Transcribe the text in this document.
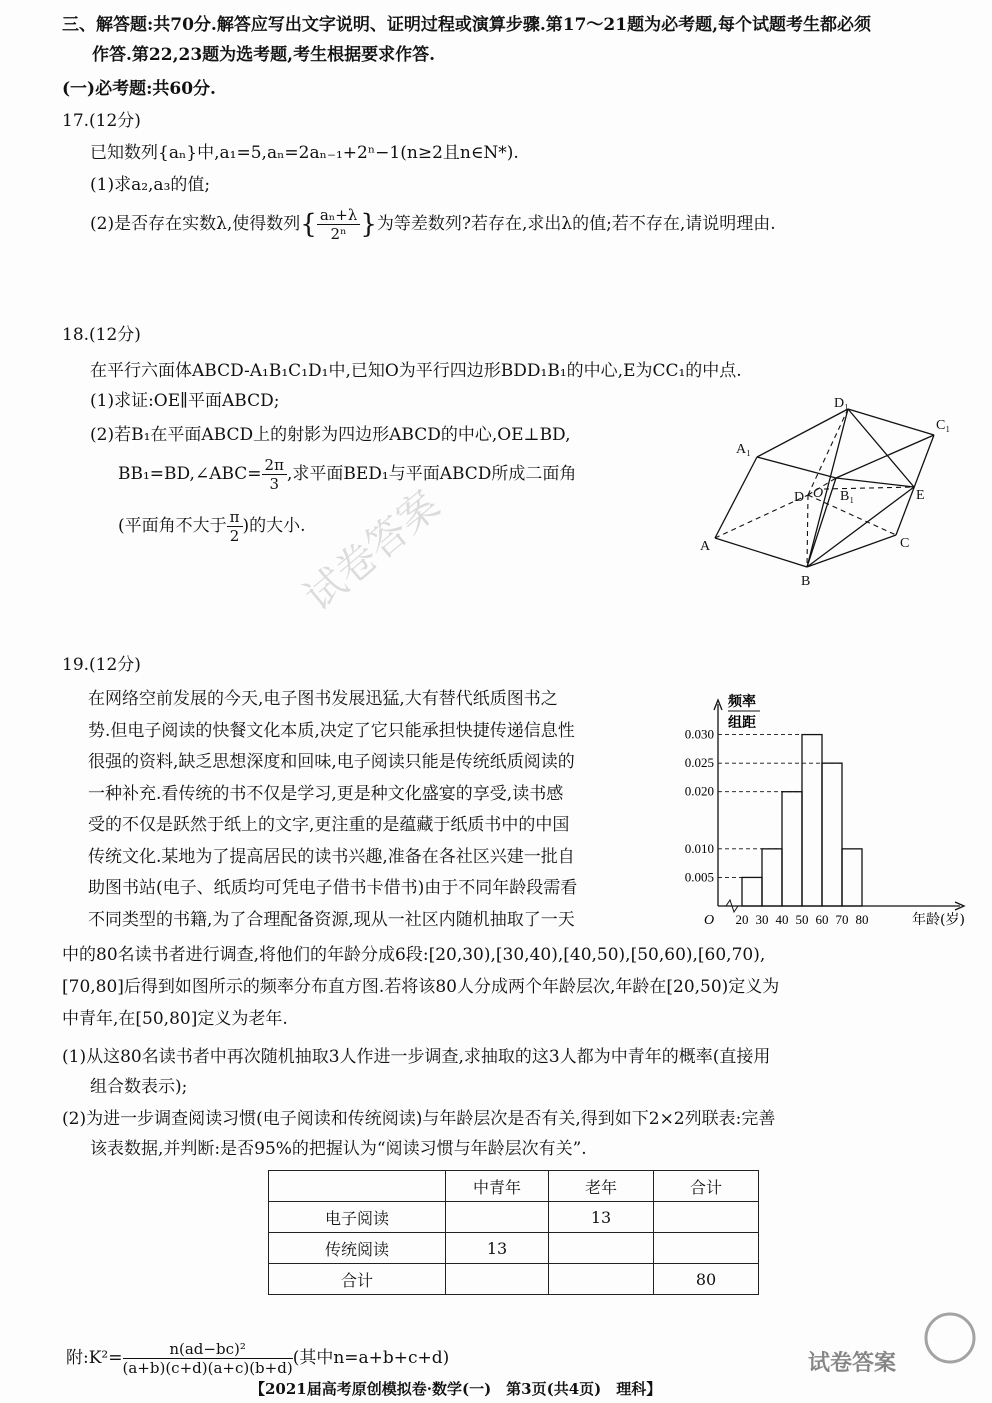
三、解答题:共70分.解答应写出文字说明、证明过程或演算步骤.第17～21题为必考题,每个试题考生都必须
作答.第22,23题为选考题,考生根据要求作答.
(一)必考题:共60分.
17.(12分)
已知数列{aₙ}中,a₁=5,aₙ=2aₙ₋₁+2ⁿ−1(n≥2且n∈N*).
(1)求a₂,a₃的值;
(2)是否存在实数λ,使得数列{ $\frac{\text{aₙ+λ}}{\text{2ⁿ}}$ }为等差数列?若存在,求出λ的值;若不存在,请说明理由.
18.(12分)
在平行六面体ABCD-A₁B₁C₁D₁中,已知O为平行四边形BDD₁B₁的中心,E为CC₁的中点.
(1)求证:OE∥平面ABCD;
(2)若B₁在平面ABCD上的射影为四边形ABCD的中心,OE⊥BD,
BB₁=BD,∠ABC= $\frac{2\pi}{3}$ ,求平面BED₁与平面ABCD所成二面角
(平面角不大于 $\frac{\pi}{2}$ )的大小.
D₁
A₁
B₁
C₁
D O	E
A	C
B
试卷答案
19.(12分)
在网络空前发展的今天,电子图书发展迅猛,大有替代纸质图书之
势.但电子阅读的快餐文化本质,决定了它只能承担快捷传递信息性
很强的资料,缺乏思想深度和回味,电子阅读只能是传统纸质阅读的
一种补充.看传统的书不仅是学习,更是种文化盛宴的享受,读书感
受的不仅是跃然于纸上的文字,更注重的是蕴藏于纸质书中的中国
传统文化.某地为了提高居民的读书兴趣,准备在各社区兴建一批自
助图书站(电子、纸质均可凭电子借书卡借书)由于不同年龄段需看
不同类型的书籍,为了合理配备资源,现从一社区内随机抽取了一天
中的80名读书者进行调查,将他们的年龄分成6段:[20,30),[30,40),[40,50),[50,60),[60,70),
[70,80]后得到如图所示的频率分布直方图.若将该80人分成两个年龄层次,年龄在[20,50)定义为
中青年,在[50,80]定义为老年.
(1)从这80名读书者中再次随机抽取3人作进一步调查,求抽取的这3人都为中青年的概率(直接用
组合数表示);
(2)为进一步调查阅读习惯(电子阅读和传统阅读)与年龄层次是否有关,得到如下2×2列联表:完善
该表数据,并判断:是否95%的把握认为“阅读习惯与年龄层次有关”.
0.005
0.010
0.020
0.025
0.030
20 30 40 50 60 70 80
O	年龄(岁)
频率
组距
	中青年	老年	合计
电子阅读		13	
传统阅读	13		
合计			80
附:K²= $\frac{\text{n(ad−bc)²}}{(a+b)(c+d)(a+c)(b+d)}$ (其中n=a+b+c+d)
【2021届高考原创模拟卷·数学(一)　第3页(共4页)　理科】
试卷答案
